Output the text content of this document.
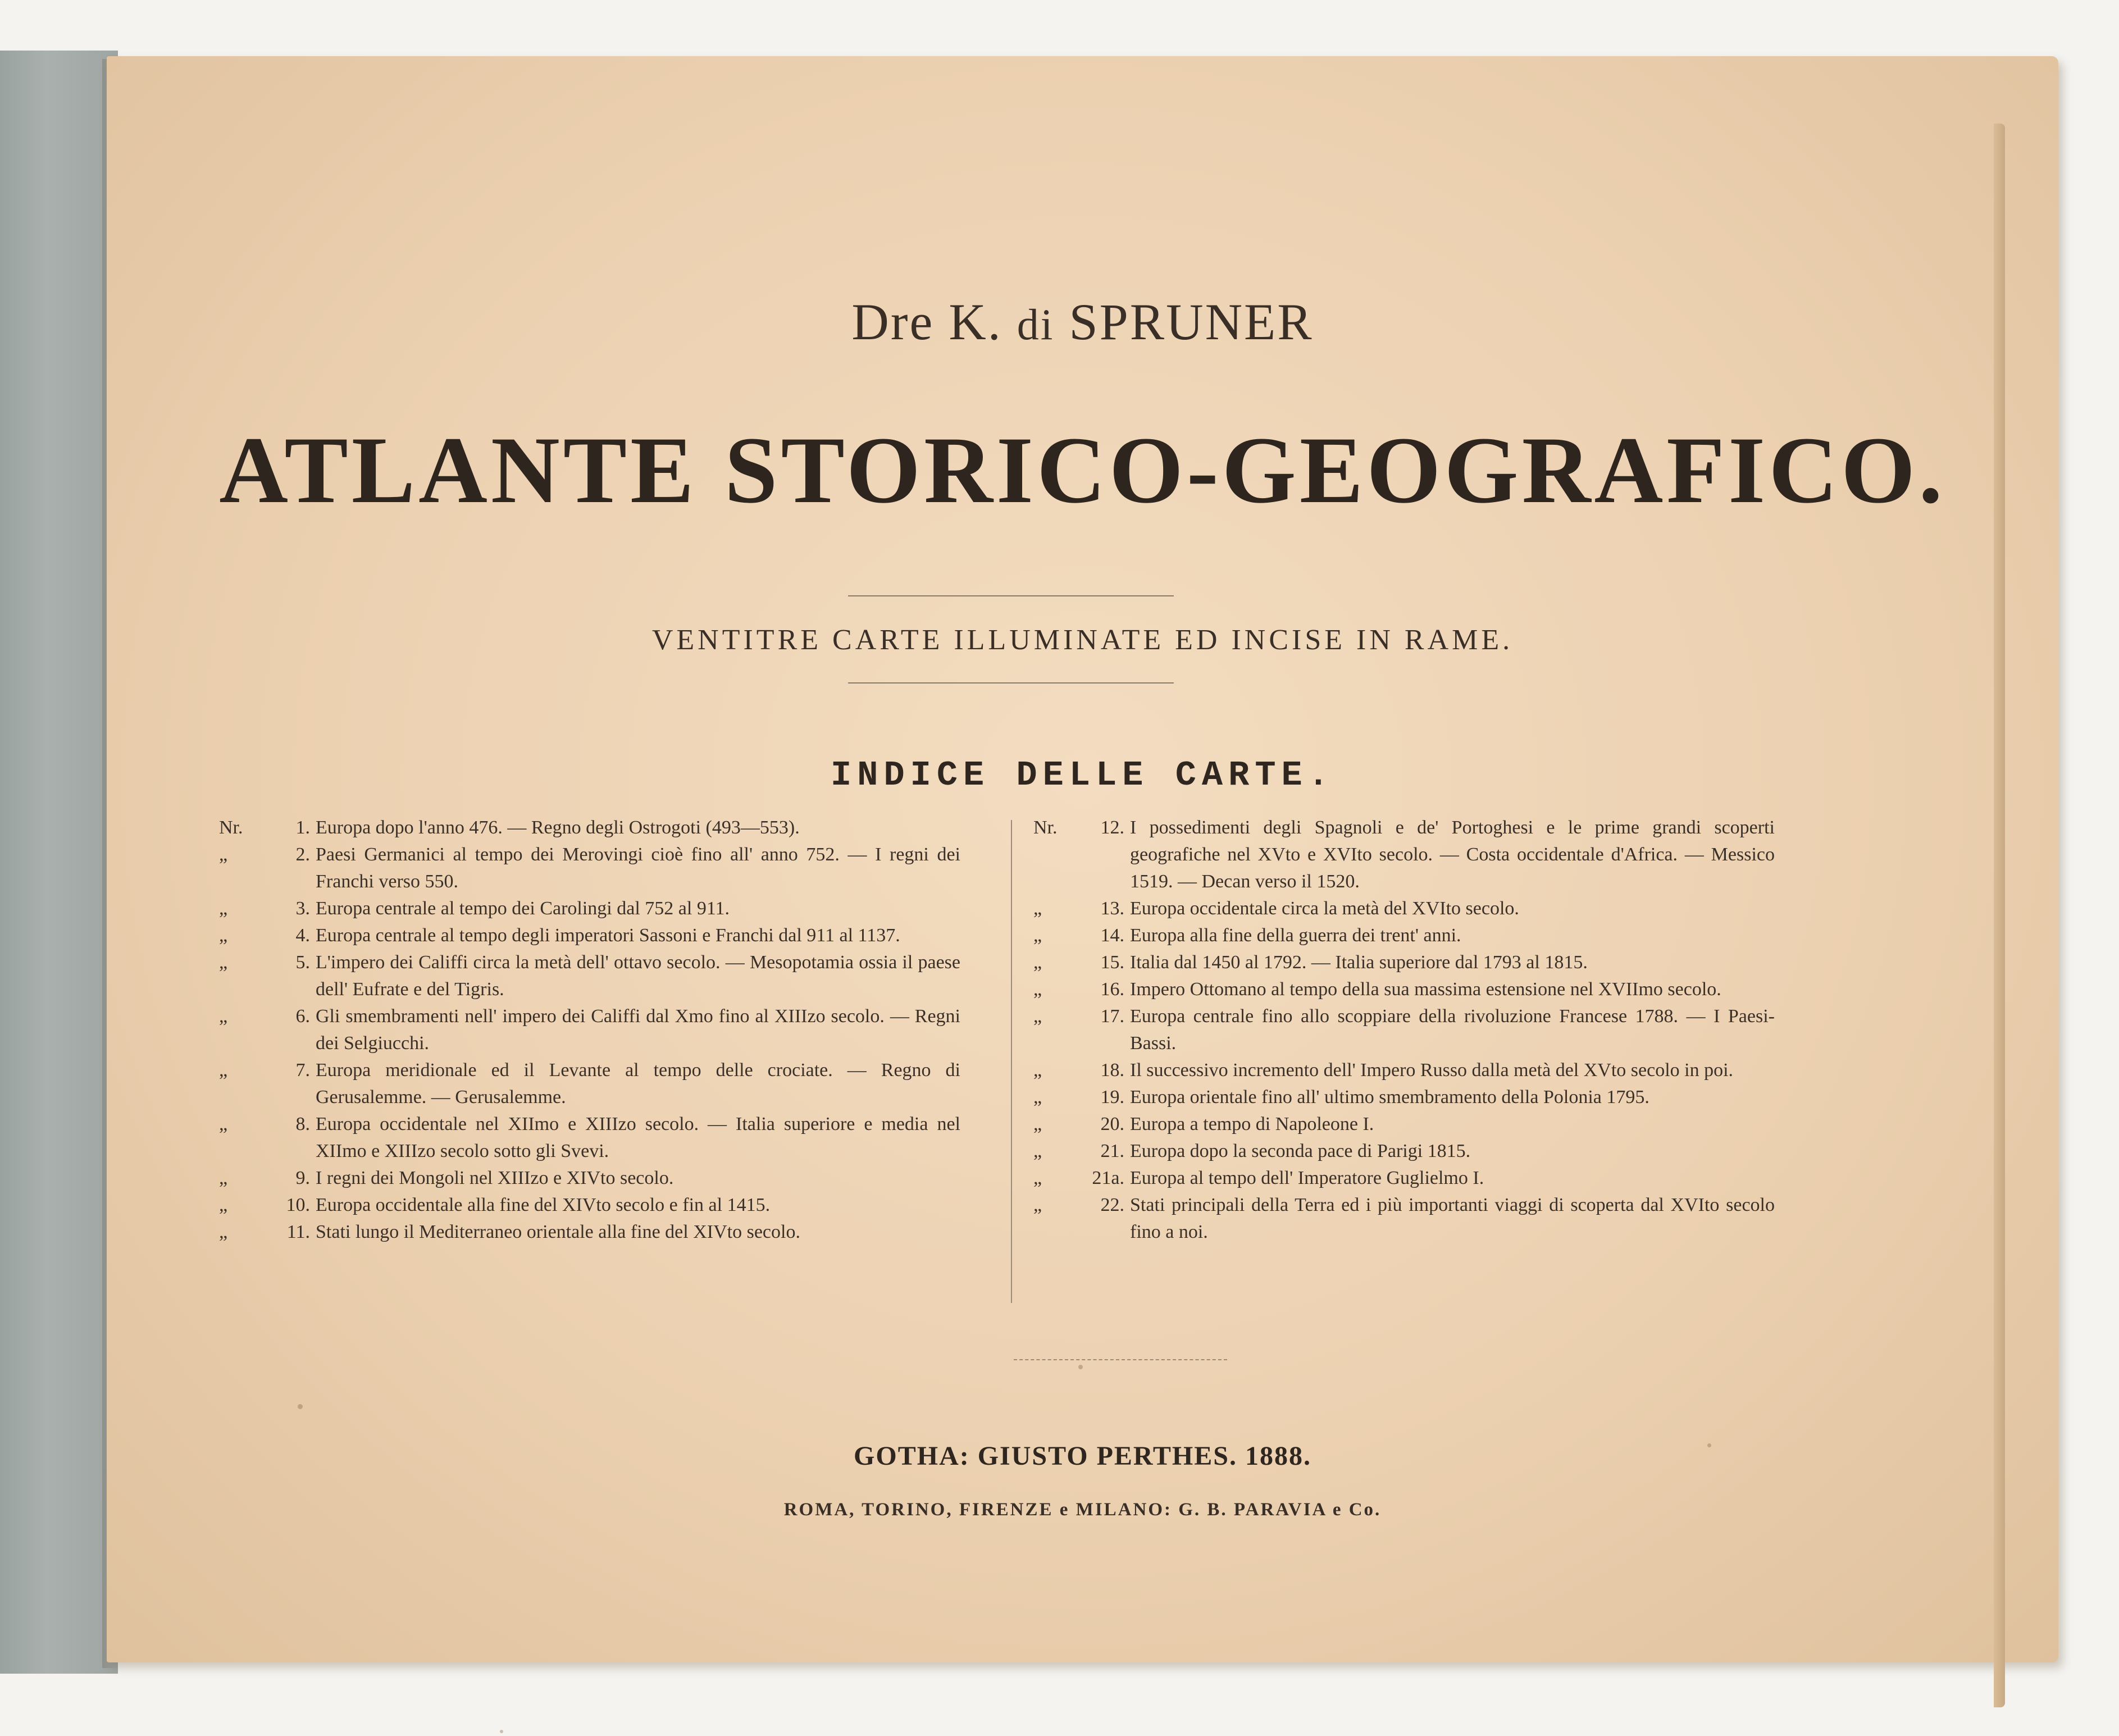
Dre K. di SPRUNER
ATLANTE STORICO-GEOGRAFICO.
VENTITRE CARTE ILLUMINATE ED INCISE IN RAME.
INDICE DELLE CARTE.
Nr.	1. Europa dopo l'anno 476. — Regno degli Ostrogoti (493—553).
„	2. Paesi Germanici al tempo dei Merovingi cioè fino all' anno 752. — I regni dei Franchi verso 550.
„	3. Europa centrale al tempo dei Carolingi dal 752 al 911.
„	4. Europa centrale al tempo degli imperatori Sassoni e Franchi dal 911 al 1137.
„	5. L'impero dei Califfi circa la metà dell' ottavo secolo. — Mesopotamia ossia il paese dell' Eufrate e del Tigris.
„	6. Gli smembramenti nell' impero dei Califfi dal Xmo fino al XIIIzo secolo. — Regni dei Selgiucchi.
„	7. Europa meridionale ed il Levante al tempo delle crociate. — Regno di Gerusalemme. — Gerusalemme.
„	8. Europa occidentale nel XIImo e XIIIzo secolo. — Italia superiore e media nel XIImo e XIIIzo secolo sotto gli Svevi.
„	9. I regni dei Mongoli nel XIIIzo e XIVto secolo.
„	10. Europa occidentale alla fine del XIVto secolo e fin al 1415.
„	11. Stati lungo il Mediterraneo orientale alla fine del XIVto secolo.
Nr.	12. I possedimenti degli Spagnoli e de' Portoghesi e le prime grandi scoperti geografiche nel XVto e XVIto secolo. — Costa occidentale d'Africa. — Messico 1519. — Decan verso il 1520.
„	13. Europa occidentale circa la metà del XVIto secolo.
„	14. Europa alla fine della guerra dei trent' anni.
„	15. Italia dal 1450 al 1792. — Italia superiore dal 1793 al 1815.
„	16. Impero Ottomano al tempo della sua massima estensione nel XVIImo secolo.
„	17. Europa centrale fino allo scoppiare della rivoluzione Francese 1788. — I Paesi-Bassi.
„	18. Il successivo incremento dell' Impero Russo dalla metà del XVto secolo in poi.
„	19. Europa orientale fino all' ultimo smembramento della Polonia 1795.
„	20. Europa a tempo di Napoleone I.
„	21. Europa dopo la seconda pace di Parigi 1815.
„	21a. Europa al tempo dell' Imperatore Guglielmo I.
„	22. Stati principali della Terra ed i più importanti viaggi di scoperta dal XVIto secolo fino a noi.
GOTHA: GIUSTO PERTHES. 1888.
ROMA, TORINO, FIRENZE e MILANO: G. B. PARAVIA e Co.
